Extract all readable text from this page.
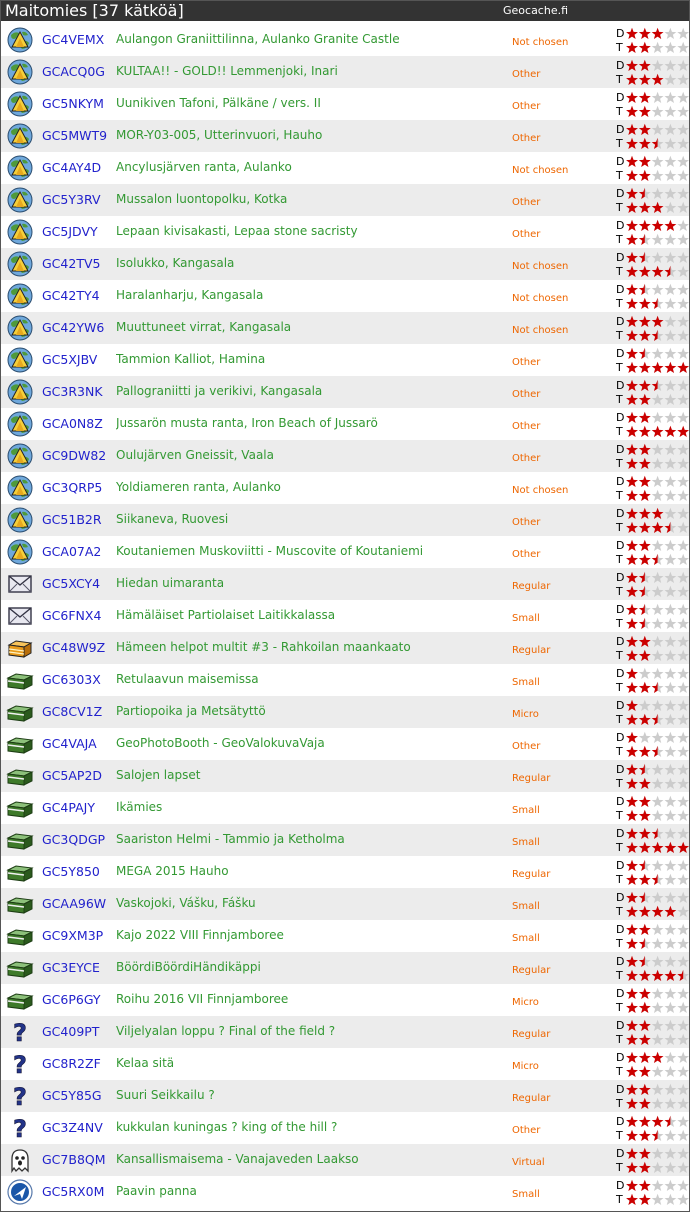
Maitomies [37 kätköä]	Geocache.fi
GC4VEMX Aulangon Graniittilinna, Aulanko Granite Castle	Not chosen
D
T
GCACQ0G KULTAA!! - GOLD!! Lemmenjoki, Inari	Other
D
T
GC5NKYM Uunikiven Tafoni, Pälkäne / vers. II	Other
D
T
GC5MWT9 MOR-Y03-005, Utterinvuori, Hauho	Other
D
T
GC4AY4D Ancylusjärven ranta, Aulanko	Not chosen
D
T
GC5Y3RV Mussalon luontopolku, Kotka	Other
D
T
GC5JDVY Lepaan kivisakasti, Lepaa stone sacristy	Other
D
T
GC42TV5 Isolukko, Kangasala	Not chosen
D
T
GC42TY4 Haralanharju, Kangasala	Not chosen
D
T
GC42YW6 Muuttuneet virrat, Kangasala	Not chosen
D
T
GC5XJBV Tammion Kalliot, Hamina	Other
D
T
GC3R3NK Pallograniitti ja verikivi, Kangasala	Other
D
T
GCA0N8Z Jussarön musta ranta, Iron Beach of Jussarö	Other
D
T
GC9DW82 Oulujärven Gneissit, Vaala	Other
D
T
GC3QRP5 Yoldiameren ranta, Aulanko	Not chosen
D
T
GC51B2R Siikaneva, Ruovesi	Other
D
T
GCA07A2 Koutaniemen Muskoviitti - Muscovite of Koutaniemi	Other
D
T
GC5XCY4 Hiedan uimaranta	Regular
D
T
GC6FNX4 Hämäläiset Partiolaiset Laitikkalassa	Small
D
T
GC48W9Z Hämeen helpot multit #3 - Rahkoilan maankaato	Regular
D
T
GC6303X Retulaavun maisemissa	Small
D
T
GC8CV1Z Partiopoika ja Metsätyttö	Micro
D
T
GC4VAJA GeoPhotoBooth - GeoValokuvaVaja	Other
D
T
GC5AP2D Salojen lapset	Regular
D
T
GC4PAJY Ikämies	Small
D
T
GC3QDGP Saariston Helmi - Tammio ja Ketholma	Small
D
T
GC5Y850 MEGA 2015 Hauho	Regular
D
T
GCAA96W Vaskojoki, Vášku, Fášku	Small
D
T
GC9XM3P Kajo 2022 VIII Finnjamboree	Small
D
T
GC3EYCE BöördiBöördiHändikäppi	Regular
D
T
GC6P6GY Roihu 2016 VII Finnjamboree	Micro
D
T
? GC409PT Viljelyalan loppu ? Final of the field ?	Regular
D
T
? GC8R2ZF Kelaa sitä	Micro
D
T
? GC5Y85G Suuri Seikkailu ?	Regular
D
T
? GC3Z4NV kukkulan kuningas ? king of the hill ?	Other
D
T
GC7B8QM Kansallismaisema - Vanajaveden Laakso	Virtual
D
T
GC5RX0M Paavin panna	Small
D
T
